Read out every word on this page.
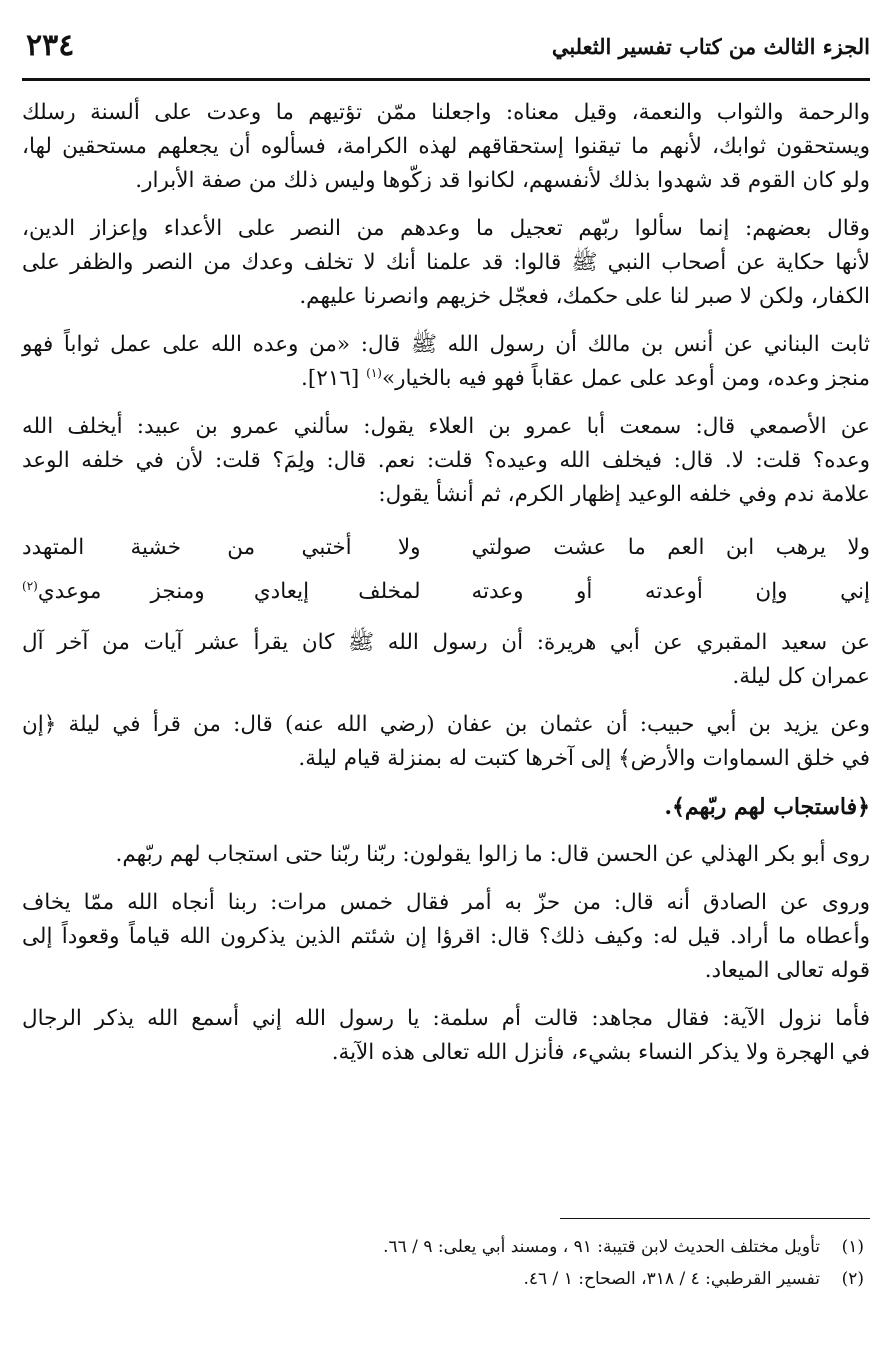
الجزء الثالث من كتاب تفسير الثعلبي
٢٣٤

والرحمة والثواب والنعمة، وقيل معناه: واجعلنا ممّن تؤتيهم ما وعدت على ألسنة رسلك
ويستحقون ثوابك، لأنهم ما تيقنوا إستحقاقهم لهذه الكرامة، فسألوه أن يجعلهم مستحقين لها،
ولو كان القوم قد شهدوا بذلك لأنفسهم، لكانوا قد زكّوها وليس ذلك من صفة الأبرار.

وقال بعضهم: إنما سألوا ربّهم تعجيل ما وعدهم من النصر على الأعداء وإعزاز الدين،
لأنها حكاية عن أصحاب النبي ﷺ قالوا: قد علمنا أنك لا تخلف وعدك من النصر والظفر على
الكفار، ولكن لا صبر لنا على حكمك، فعجّل خزيهم وانصرنا عليهم.

ثابت البناني عن أنس بن مالك أن رسول الله ﷺ قال: «من وعده الله على عمل ثواباً فهو
منجز وعده، ومن أوعد على عمل عقاباً فهو فيه بالخيار»$^{(١)}$ [٢١٦].

عن الأصمعي قال: سمعت أبا عمرو بن العلاء يقول: سألني عمرو بن عبيد: أيخلف الله
وعده؟ قلت: لا. قال: فيخلف الله وعيده؟ قلت: نعم. قال: ولِمَ؟ قلت: لأن في خلفه الوعد
علامة ندم وفي خلفه الوعيد إظهار الكرم، ثم أنشأ يقول:

ولا يرهب ابن العم ما عشت صولتي
ولا أختبي من خشية المتهدد
إني وإن أوعدته أو وعدته
لمخلف إيعادي ومنجز موعدي$^{(٢)}$

عن سعيد المقبري عن أبي هريرة: أن رسول الله ﷺ كان يقرأ عشر آيات من آخر آل
عمران كل ليلة.

وعن يزيد بن أبي حبيب: أن عثمان بن عفان (رضي الله عنه) قال: من قرأ في ليلة ﴿إن
في خلق السماوات والأرض﴾ إلى آخرها كتبت له بمنزلة قيام ليلة.

﴿فاستجاب لهم ربّهم﴾.

روى أبو بكر الهذلي عن الحسن قال: ما زالوا يقولون: ربّنا ربّنا حتى استجاب لهم ربّهم.

وروى عن الصادق أنه قال: من حزّ به أمر فقال خمس مرات: ربنا أنجاه الله ممّا يخاف
وأعطاه ما أراد. قيل له: وكيف ذلك؟ قال: اقرؤا إن شئتم الذين يذكرون الله قياماً وقعوداً إلى
قوله تعالى الميعاد.

فأما نزول الآية: فقال مجاهد: قالت أم سلمة: يا رسول الله إني أسمع الله يذكر الرجال
في الهجرة ولا يذكر النساء بشيء، فأنزل الله تعالى هذه الآية.

(١)تأويل مختلف الحديث لابن قتيبة: ٩١ ، ومسند أبي يعلى: ٩ / ٦٦.
(٢)تفسير القرطبي: ٤ / ٣١٨، الصحاح: ١ / ٤٦.
